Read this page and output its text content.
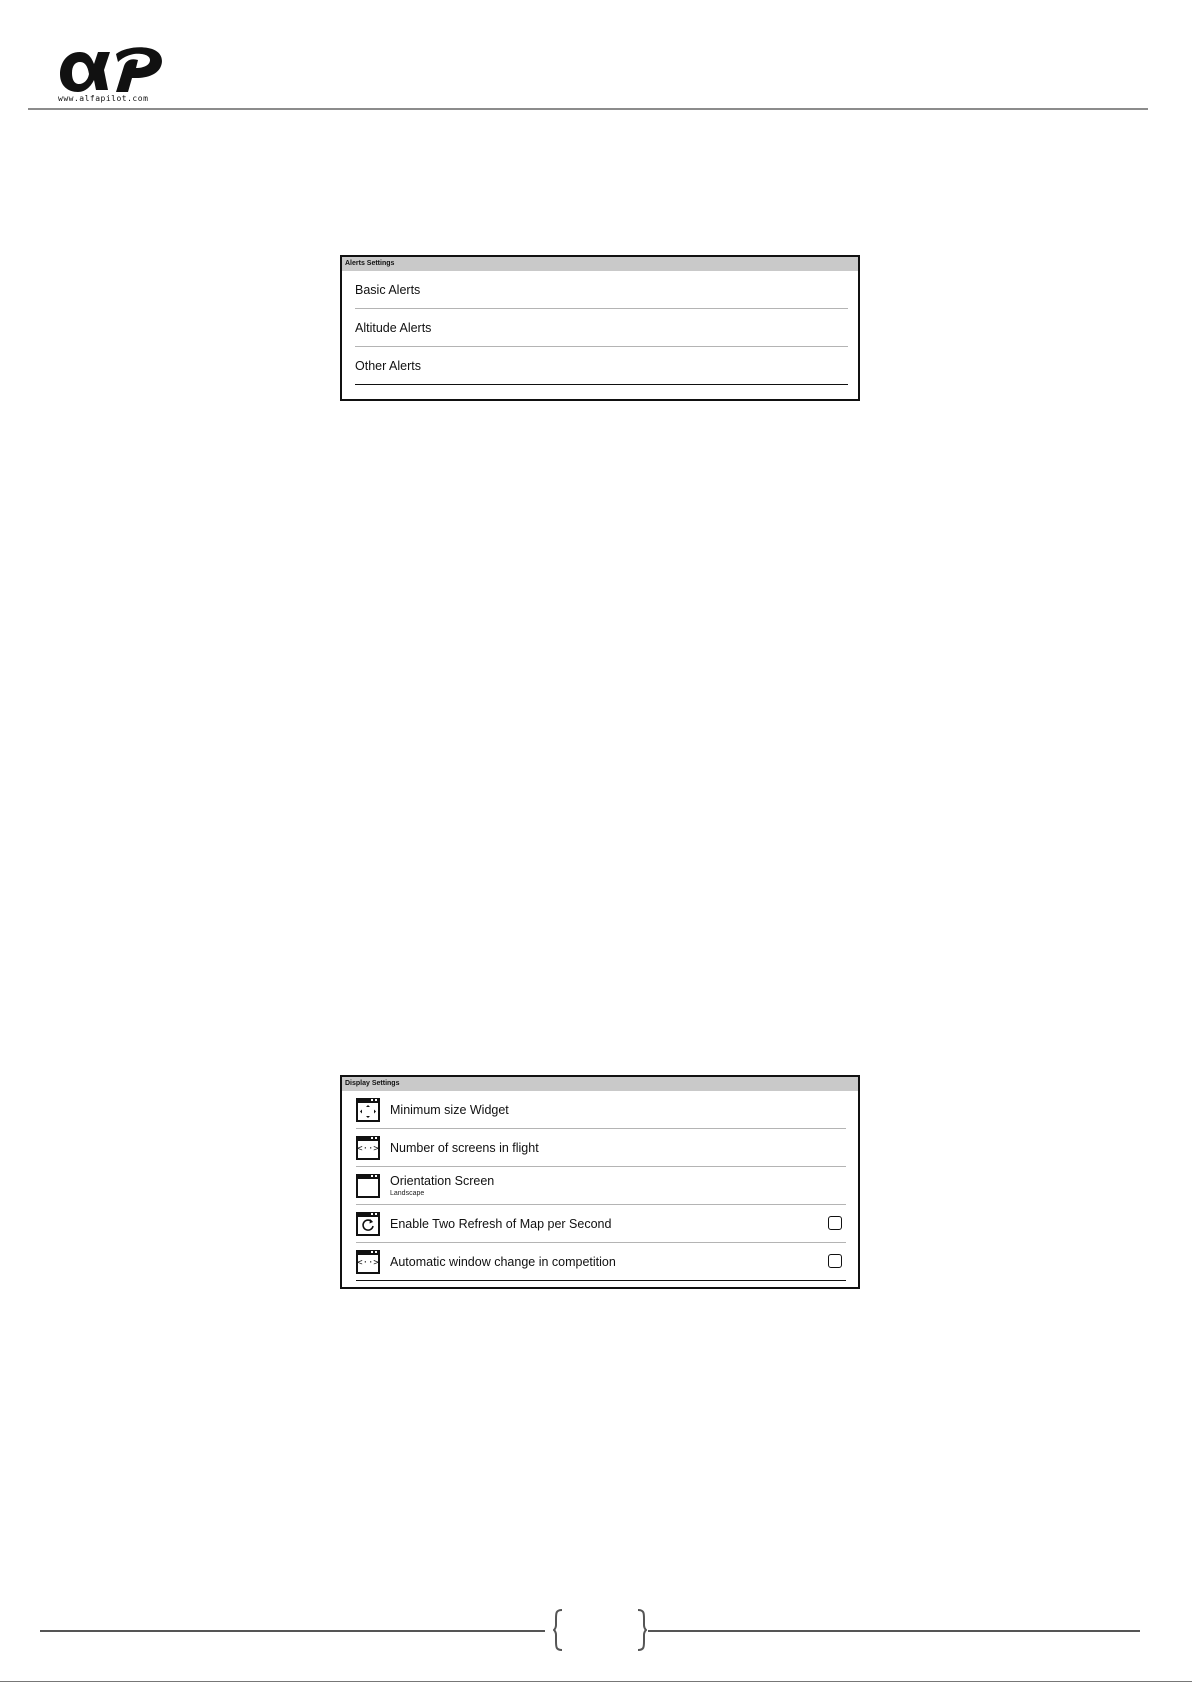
www.alfapilot.com
Alerts Settings
Basic Alerts
Altitude Alerts
Other Alerts
Display Settings
Minimum size Widget
<··> Number of screens in flight
Orientation Screen
Landscape
Enable Two Refresh of Map per Second
<··> Automatic window change in competition
